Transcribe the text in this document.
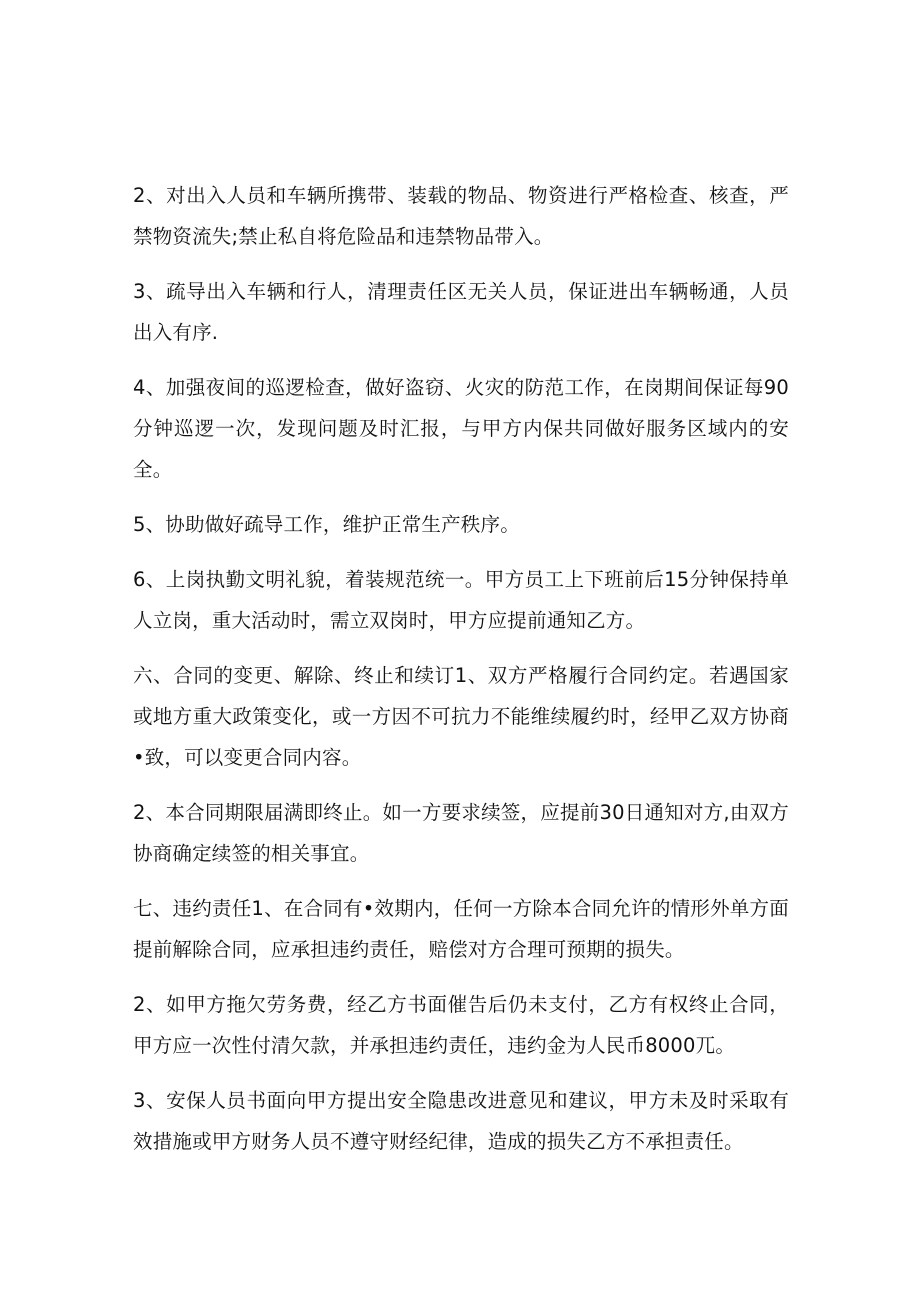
2、对出入人员和车辆所携带、装载的物品、物资进行严格检查、核查，严禁物资流失;禁止私自将危险品和违禁物品带入。

3、疏导出入车辆和行人，清理责任区无关人员，保证进出车辆畅通，人员出入有序.

4、加强夜间的巡逻检查，做好盗窃、火灾的防范工作，在岗期间保证每90分钟巡逻一次，发现问题及时汇报，与甲方内保共同做好服务区域内的安全。

5、协助做好疏导工作，维护正常生产秩序。

6、上岗执勤文明礼貌，着装规范统一。甲方员工上下班前后15分钟保持单人立岗，重大活动时，需立双岗时，甲方应提前通知乙方。

六、合同的变更、解除、终止和续订1、双方严格履行合同约定。若遇国家或地方重大政策变化，或一方因不可抗力不能维续履约时，经甲乙双方协商•致，可以变更合同内容。

2、本合同期限届满即终止。如一方要求续签，应提前30日通知对方,由双方协商确定续签的相关事宜。

七、违约责任1、在合同有•效期内，任何一方除本合同允许的情形外单方面提前解除合同，应承担违约责任，赔偿对方合理可预期的损失。

2、如甲方拖欠劳务费，经乙方书面催告后仍未支付，乙方有权终止合同，甲方应一次性付清欠款，并承担违约责任，违约金为人民币8000兀。

3、安保人员书面向甲方提出安全隐患改进意见和建议，甲方未及时采取有效措施或甲方财务人员不遵守财经纪律，造成的损失乙方不承担责任。
